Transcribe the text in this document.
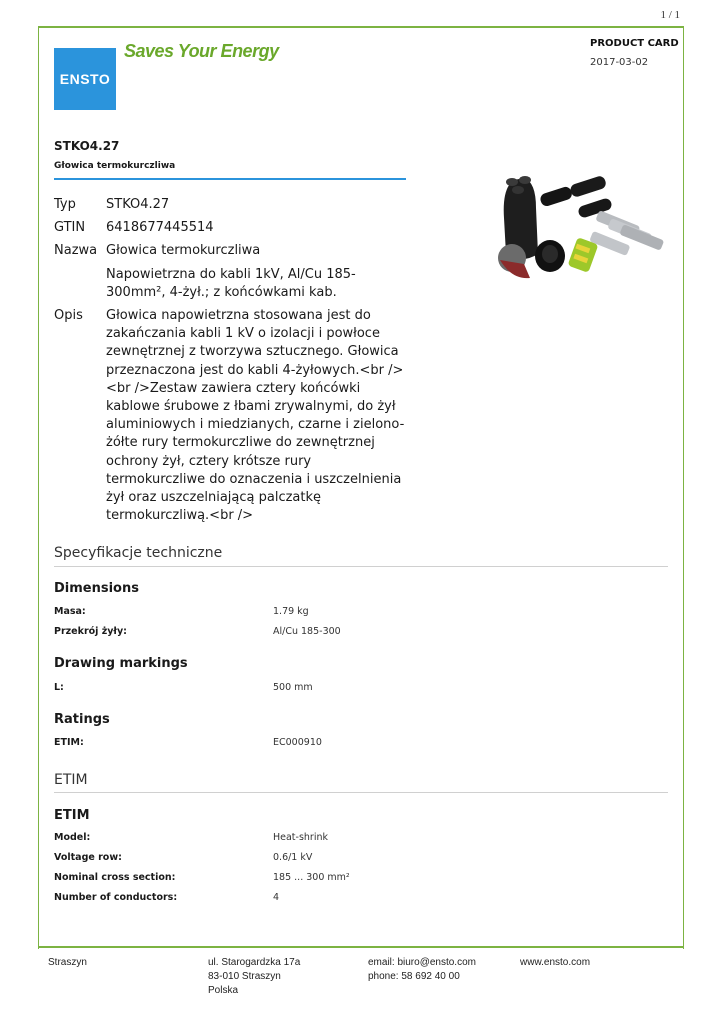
1 / 1
ENSTO
Saves Your Energy	PRODUCT CARD
2017-03-02
STKO4.27
Głowica termokurczliwa
Typ	STKO4.27
GTIN	6418677445514
Nazwa Głowica termokurczliwa
Napowietrzna do kabli 1kV, Al/Cu 185-300mm², 4-żył.; z końcówkami kab.
Opis	Głowica napowietrzna stosowana jest do zakańczania kabli 1 kV o izolacji i powłoce zewnętrznej z tworzywa sztucznego. Głowica przeznaczona jest do kabli 4-żyłowych.<br /><br />Zestaw zawiera cztery końcówki kablowe śrubowe z łbami zrywalnymi, do żył aluminiowych i miedzianych, czarne i zielono-żółte rury termokurczliwe do zewnętrznej ochrony żył, cztery krótsze rury termokurczliwe do oznaczenia i uszczelnienia żył oraz uszczelniającą palczatkę termokurczliwą.<br />
Specyfikacje techniczne
Dimensions
Masa:	1.79 kg
Przekrój żyły:	Al/Cu 185-300
Drawing markings
L:	500 mm
Ratings
ETIM:	EC000910
ETIM
ETIM
Model:	Heat-shrink
Voltage row:	0.6/1 kV
Nominal cross section:	185 ... 300 mm²
Number of conductors:	4
Straszyn	ul. Starogardzka 17a
83-010 Straszyn
Polska
email: biuro@ensto.com
phone: 58 692 40 00
www.ensto.com
